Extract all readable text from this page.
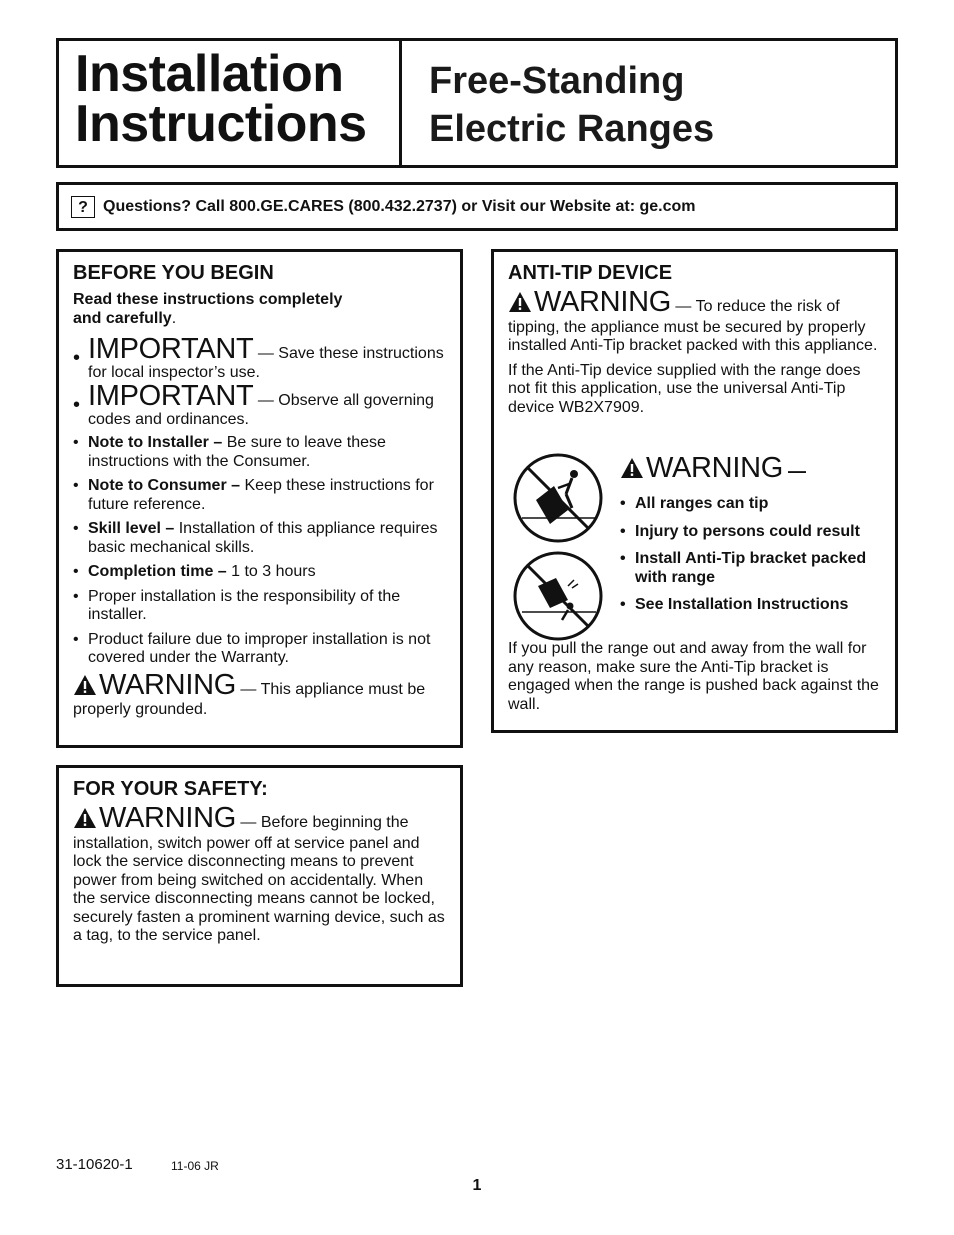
Installation
Instructions
Free-Standing
Electric Ranges
? Questions? Call 800.GE.CARES (800.432.2737) or Visit our Website at: ge.com
BEFORE YOU BEGIN
Read these instructions completely
and carefully.
• IMPORTANT — Save these instructions for local inspector’s use.
• IMPORTANT — Observe all governing codes and ordinances.
• Note to Installer – Be sure to leave these instructions with the Consumer.
• Note to Consumer – Keep these instructions for future reference.
• Skill level – Installation of this appliance requires basic mechanical skills.
• Completion time – 1 to 3 hours
• Proper installation is the responsibility of the installer.
• Product failure due to improper installation is not covered under the Warranty.
WARNING — This appliance must be properly grounded.
FOR YOUR SAFETY:
WARNING — Before beginning the installation, switch power off at service panel and lock the service disconnecting means to prevent power from being switched on accidentally. When the service disconnecting means cannot be locked, securely fasten a prominent warning device, such as a tag, to the service panel.
ANTI-TIP DEVICE
WARNING — To reduce the risk of tipping, the appliance must be secured by properly installed Anti-Tip bracket packed with this appliance.
If the Anti-Tip device supplied with the range does not fit this application, use the universal Anti-Tip device WB2X7909.
WARNING —
• All ranges can tip
• Injury to persons could result
• Install Anti-Tip bracket packed with range
• See Installation Instructions
If you pull the range out and away from the wall for any reason, make sure the Anti-Tip bracket is engaged when the range is pushed back against the wall.
31-10620-1	11-06 JR
1
